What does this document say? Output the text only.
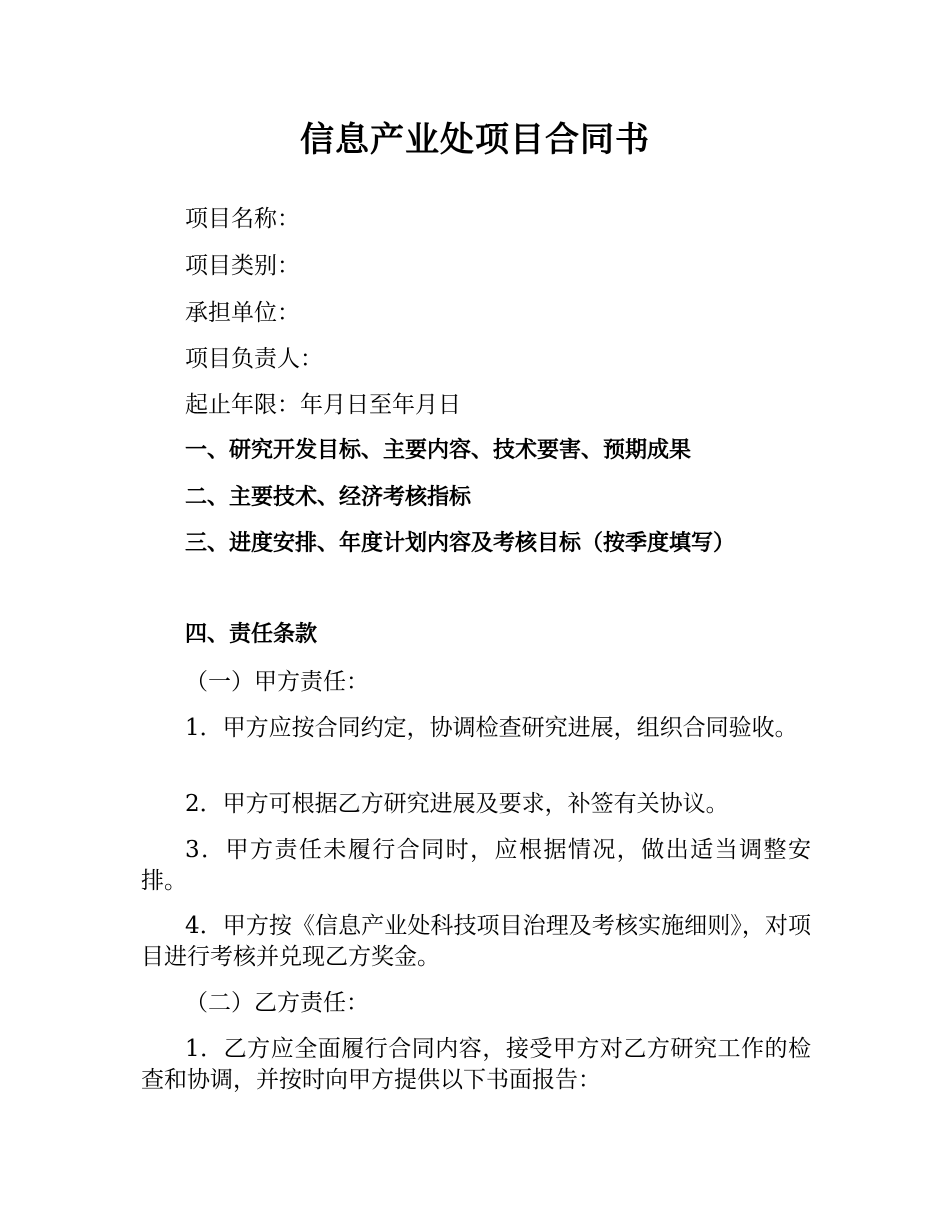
信息产业处项目合同书

项目名称：

项目类别：

承担单位：

项目负责人：

起止年限：年月日至年月日

一、研究开发目标、主要内容、技术要害、预期成果

二、主要技术、经济考核指标

三、进度安排、年度计划内容及考核目标（按季度填写）

四、责任条款

（一）甲方责任：

1．甲方应按合同约定，协调检查研究进展，组织合同验收。

2．甲方可根据乙方研究进展及要求，补签有关协议。

3．甲方责任未履行合同时，应根据情况，做出适当调整安排。

4．甲方按《信息产业处科技项目治理及考核实施细则》，对项目进行考核并兑现乙方奖金。

（二）乙方责任：

1．乙方应全面履行合同内容，接受甲方对乙方研究工作的检查和协调，并按时向甲方提供以下书面报告：
